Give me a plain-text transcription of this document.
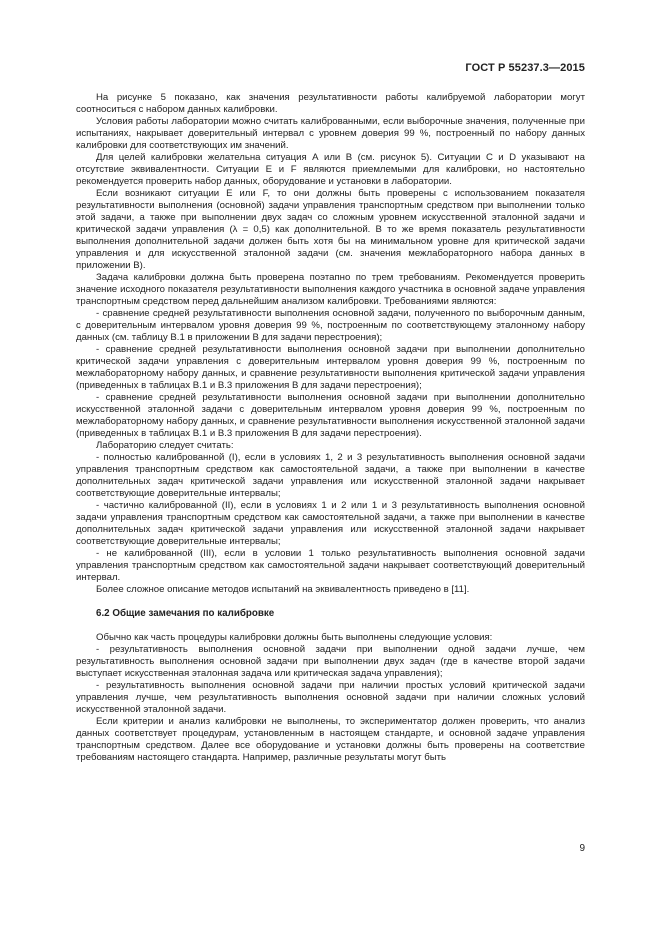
ГОСТ Р 55237.3—2015

На рисунке 5 показано, как значения результативности работы калибруемой лаборатории могут соотноситься с набором данных калибровки.

Условия работы лаборатории можно считать калиброванными, если выборочные значения, полученные при испытаниях, накрывает доверительный интервал с уровнем доверия 99 %, построенный по набору данных калибровки для соответствующих им значений.

Для целей калибровки желательна ситуация А или В (см. рисунок 5). Ситуации С и D указывают на отсутствие эквивалентности. Ситуации Е и F являются приемлемыми для калибровки, но настоятельно рекомендуется проверить набор данных, оборудование и установки в лаборатории.

Если возникают ситуации Е или F, то они должны быть проверены с использованием показателя результативности выполнения (основной) задачи управления транспортным средством при выполнении только этой задачи, а также при выполнении двух задач со сложным уровнем искусственной эталонной задачи и критической задачи управления (λ = 0,5) как дополнительной. В то же время показатель результативности выполнения дополнительной задачи должен быть хотя бы на минимальном уровне для критической задачи управления и для искусственной эталонной задачи (см. значения межлабораторного набора данных в приложении В).

Задача калибровки должна быть проверена поэтапно по трем требованиям. Рекомендуется проверить значение исходного показателя результативности выполнения каждого участника в основной задаче управления транспортным средством перед дальнейшим анализом калибровки. Требованиями являются:

- сравнение средней результативности выполнения основной задачи, полученного по выборочным данным, с доверительным интервалом уровня доверия 99 %, построенным по соответствующему эталонному набору данных (см. таблицу В.1 в приложении В для задачи перестроения);

- сравнение средней результативности выполнения основной задачи при выполнении дополнительно критической задачи управления с доверительным интервалом уровня доверия 99 %, построенным по межлабораторному набору данных, и сравнение результативности выполнения критической задачи управления (приведенных в таблицах В.1 и В.3 приложения В для задачи перестроения);

- сравнение средней результативности выполнения основной задачи при выполнении дополнительно искусственной эталонной задачи с доверительным интервалом уровня доверия 99 %, построенным по межлабораторному набору данных, и сравнение результативности выполнения искусственной эталонной задачи (приведенных в таблицах В.1 и В.3 приложения В для задачи перестроения).

Лабораторию следует считать:

- полностью калиброванной (I), если в условиях 1, 2 и 3 результативность выполнения основной задачи управления транспортным средством как самостоятельной задачи, а также при выполнении в качестве дополнительных задач критической задачи управления или искусственной эталонной задачи накрывает соответствующие доверительные интервалы;

- частично калиброванной (II), если в условиях 1 и 2 или 1 и 3 результативность выполнения основной задачи управления транспортным средством как самостоятельной задачи, а также при выполнении в качестве дополнительных задач критической задачи управления или искусственной эталонной задачи накрывает соответствующие доверительные интервалы;

- не калиброванной (III), если в условии 1 только результативность выполнения основной задачи управления транспортным средством как самостоятельной задачи накрывает соответствующий доверительный интервал.

Более сложное описание методов испытаний на эквивалентность приведено в [11].

6.2 Общие замечания по калибровке

Обычно как часть процедуры калибровки должны быть выполнены следующие условия:

- результативность выполнения основной задачи при выполнении одной задачи лучше, чем результативность выполнения основной задачи при выполнении двух задач (где в качестве второй задачи выступает искусственная эталонная задача или критическая задача управления);

- результативность выполнения основной задачи при наличии простых условий критической задачи управления лучше, чем результативность выполнения основной задачи при наличии сложных условий искусственной эталонной задачи.

Если критерии и анализ калибровки не выполнены, то экспериментатор должен проверить, что анализ данных соответствует процедурам, установленным в настоящем стандарте, и основной задаче управления транспортным средством. Далее все оборудование и установки должны быть проверены на соответствие требованиям настоящего стандарта. Например, различные результаты могут быть

9
